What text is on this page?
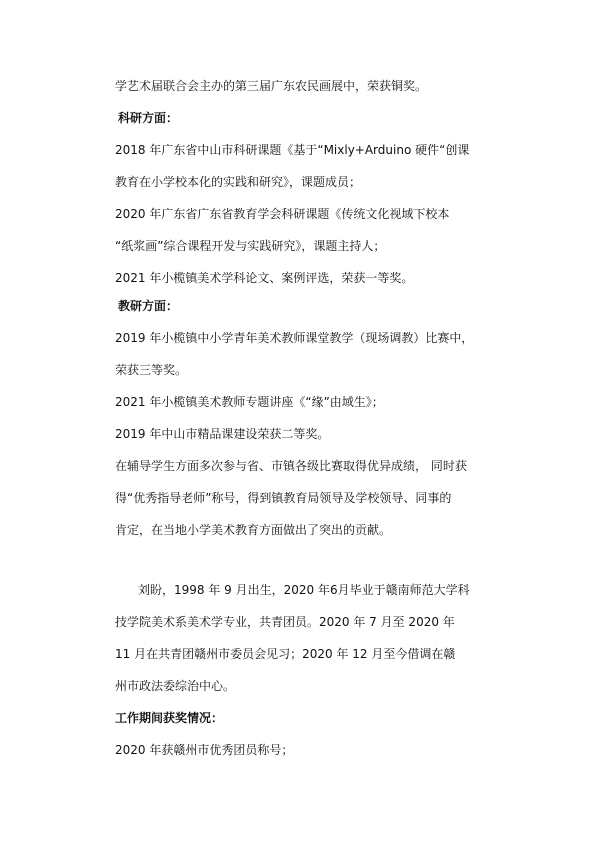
学艺术届联合会主办的第三届广东农民画展中，荣获铜奖。
科研方面：
2018 年广东省中山市科研课题《基于“Mixly+Arduino 硬件“创课
教育在小学校本化的实践和研究》，课题成员；
2020 年广东省广东省教育学会科研课题《传统文化视域下校本
“纸浆画”综合课程开发与实践研究》，课题主持人；
2021 年小榄镇美术学科论文、案例评选，荣获一等奖。
教研方面：
2019 年小榄镇中小学青年美术教师课堂教学（现场调教）比赛中，
荣获三等奖。
2021 年小榄镇美术教师专题讲座《“缘”由域生》；
2019 年中山市精品课建设荣获二等奖。
在辅导学生方面多次参与省、市镇各级比赛取得优异成绩， 同时获
得“优秀指导老师”称号，得到镇教育局领导及学校领导、同事的
肯定，在当地小学美术教育方面做出了突出的贡献。
刘盼，1998 年 9 月出生，2020 年6月毕业于赣南师范大学科
技学院美术系美术学专业，共青团员。2020 年 7 月至 2020 年
11 月在共青团赣州市委员会见习；2020 年 12 月至今借调在赣
州市政法委综治中心。
工作期间获奖情况：
2020 年获赣州市优秀团员称号；
